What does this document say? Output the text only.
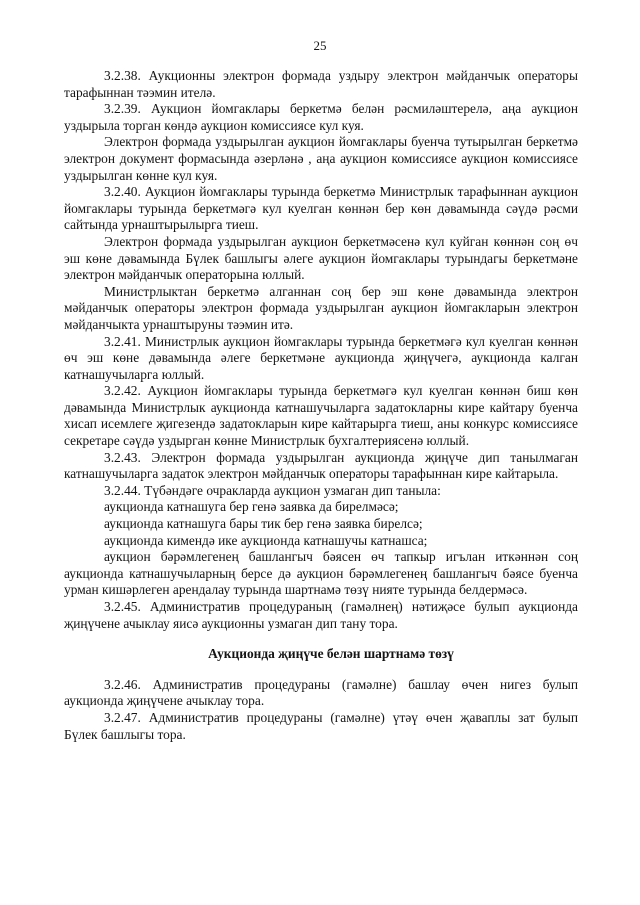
25

3.2.38. Аукционны электрон формада уздыру электрон мәйданчык операторы тарафыннан тәэмин ителә.

3.2.39. Аукцион йомгаклары беркетмә белән рәсмиләштерелә, аңа аукцион уздырыла торган көндә аукцион комиссиясе кул куя.

Электрон формада уздырылган аукцион йомгаклары буенча тутырылган беркетмә электрон документ формасында әзерләнә , аңа аукцион комиссиясе аукцион комиссиясе уздырылган көнне кул куя.

3.2.40. Аукцион йомгаклары турында беркетмә Министрлык тарафыннан аукцион йомгаклары турында беркетмәгә кул куелган көннән бер көн дәвамында сәүдә рәсми сайтында урнаштырылырга тиеш.

Электрон формада уздырылган аукцион беркетмәсенә кул куйган көннән соң өч эш көне дәвамында Бүлек башлыгы әлеге аукцион йомгаклары турындагы беркетмәне электрон мәйданчык операторына юллый.

Министрлыктан беркетмә алганнан соң бер эш көне дәвамында электрон мәйданчык операторы электрон формада уздырылган аукцион йомгакларын электрон мәйданчыкта урнаштыруны тәэмин итә.

3.2.41. Министрлык аукцион йомгаклары турында беркетмәгә кул куелган көннән өч эш көне дәвамында әлеге беркетмәне аукционда җиңүчегә, аукционда калган катнашучыларга юллый.

3.2.42. Аукцион йомгаклары турында беркетмәгә кул куелган көннән биш көн дәвамында Министрлык аукционда катнашучыларга задатокларны кире кайтару буенча хисап исемлеге җигезендә задатокларын кире кайтарырга тиеш, аны конкурс комиссиясе секретаре сәүдә уздырган көнне Министрлык бухгалтериясенә юллый.

3.2.43. Электрон формада уздырылган аукционда җиңүче дип танылмаган катнашучыларга задаток электрон мәйданчык операторы тарафыннан кире кайтарыла.

3.2.44. Түбәндәге очракларда аукцион узмаган дип таныла:

аукционда катнашуга бер генә заявка да бирелмәсә;

аукционда катнашуга бары тик бер генә заявка бирелсә;

аукционда кимендә ике аукционда катнашучы катнашса;

аукцион бәрәмлегенең башлангыч бәясен өч тапкыр игълан иткәннән соң аукционда катнашучыларның берсе дә аукцион бәрәмлегенең башлангыч бәясе буенча урман кишәрлеген арендалау турында шартнамә төзү нияте турында белдермәсә.

3.2.45. Административ процедураның (гамәлнең) нәтиҗәсе булып аукционда җиңүчене ачыклау яисә аукционны узмаган дип тану тора.

Аукционда җиңүче белән шартнамә төзү

3.2.46. Административ процедураны (гамәлне) башлау өчен нигез булып аукционда җиңүчене ачыклау тора.

3.2.47. Административ процедураны (гамәлне) үтәү өчен җаваплы зат булып Бүлек башлыгы тора.
